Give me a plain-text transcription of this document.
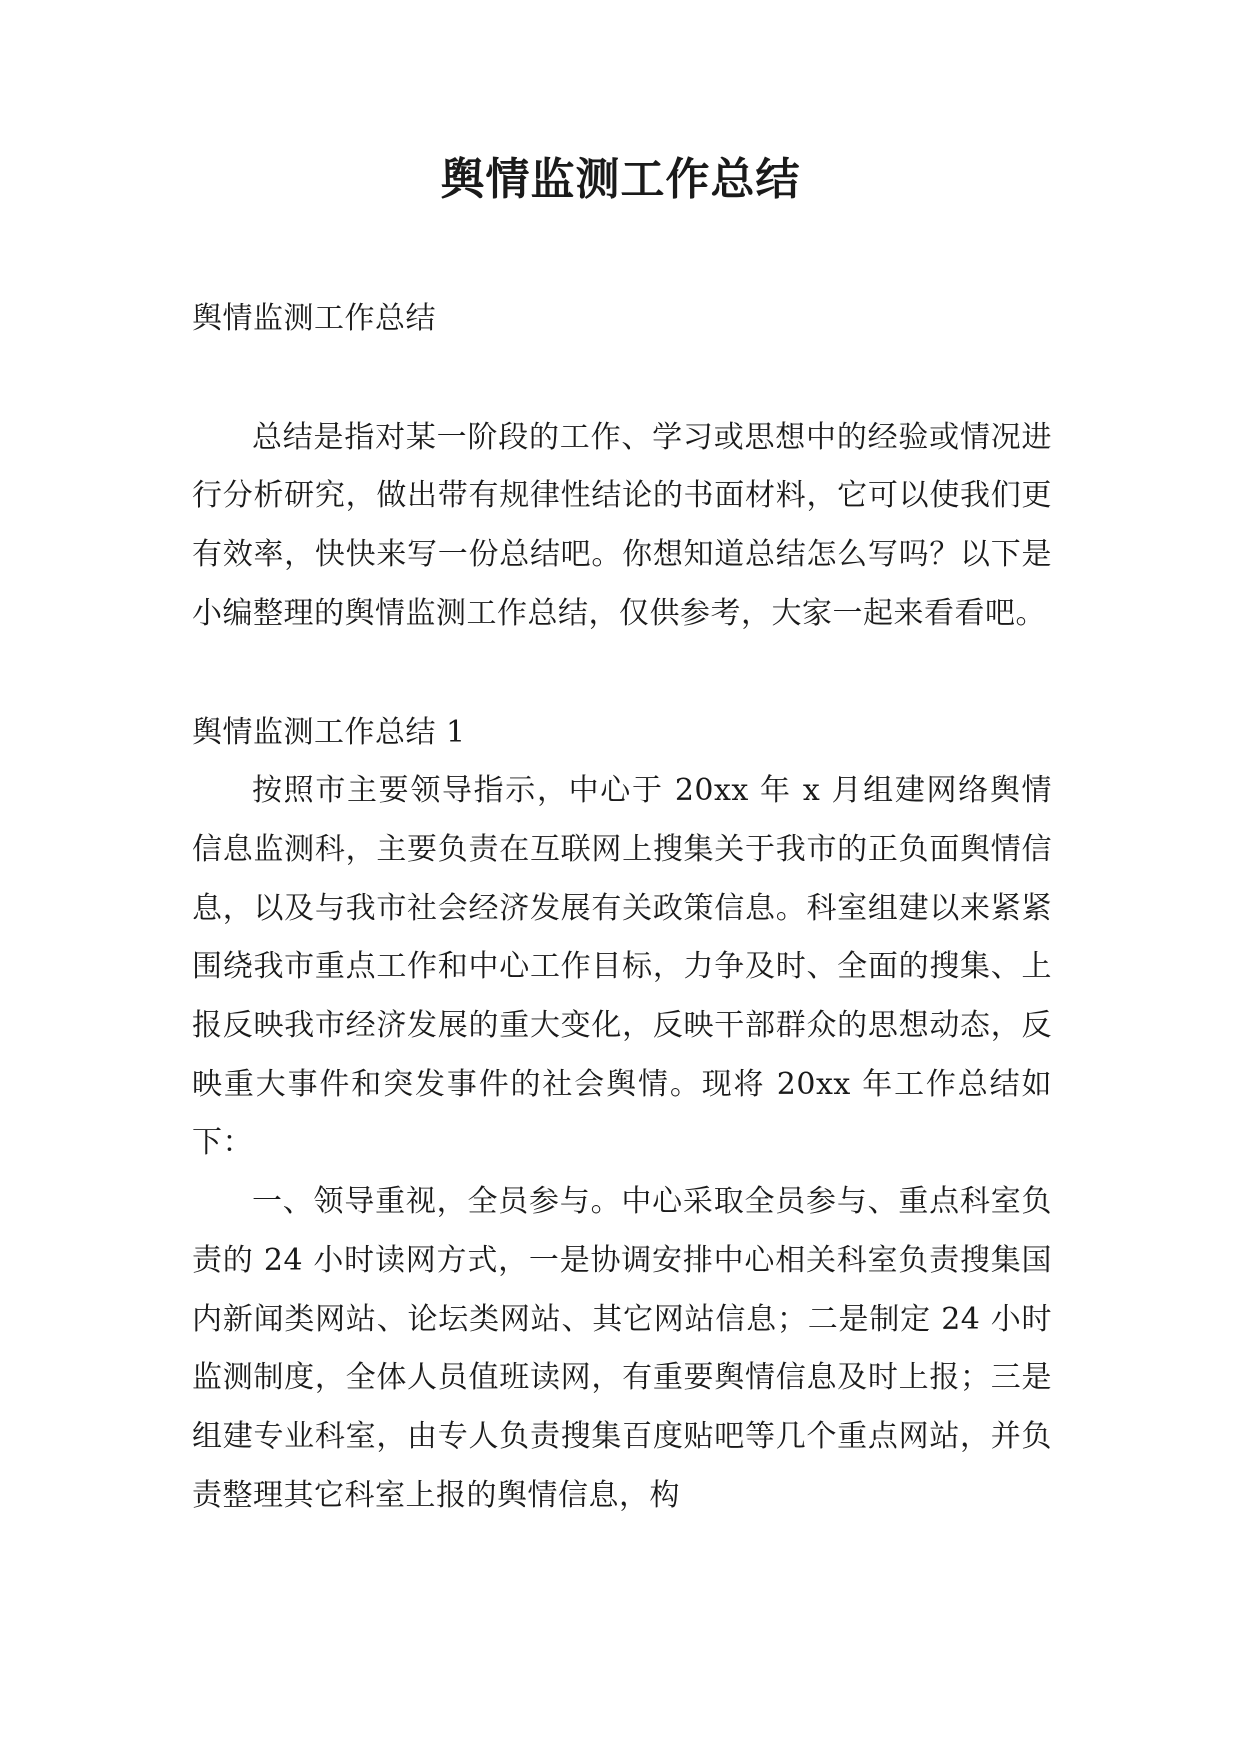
舆情监测工作总结

舆情监测工作总结

总结是指对某一阶段的工作、学习或思想中的经验或情况进行分析研究，做出带有规律性结论的书面材料，它可以使我们更有效率，快快来写一份总结吧。你想知道总结怎么写吗？以下是小编整理的舆情监测工作总结，仅供参考，大家一起来看看吧。

舆情监测工作总结 1

按照市主要领导指示，中心于 20xx 年 x 月组建网络舆情信息监测科，主要负责在互联网上搜集关于我市的正负面舆情信息，以及与我市社会经济发展有关政策信息。科室组建以来紧紧围绕我市重点工作和中心工作目标，力争及时、全面的搜集、上报反映我市经济发展的重大变化，反映干部群众的思想动态，反映重大事件和突发事件的社会舆情。现将 20xx 年工作总结如下：

一、领导重视，全员参与。中心采取全员参与、重点科室负责的 24 小时读网方式，一是协调安排中心相关科室负责搜集国内新闻类网站、论坛类网站、其它网站信息；二是制定 24 小时监测制度，全体人员值班读网，有重要舆情信息及时上报；三是组建专业科室，由专人负责搜集百度贴吧等几个重点网站，并负责整理其它科室上报的舆情信息，构
